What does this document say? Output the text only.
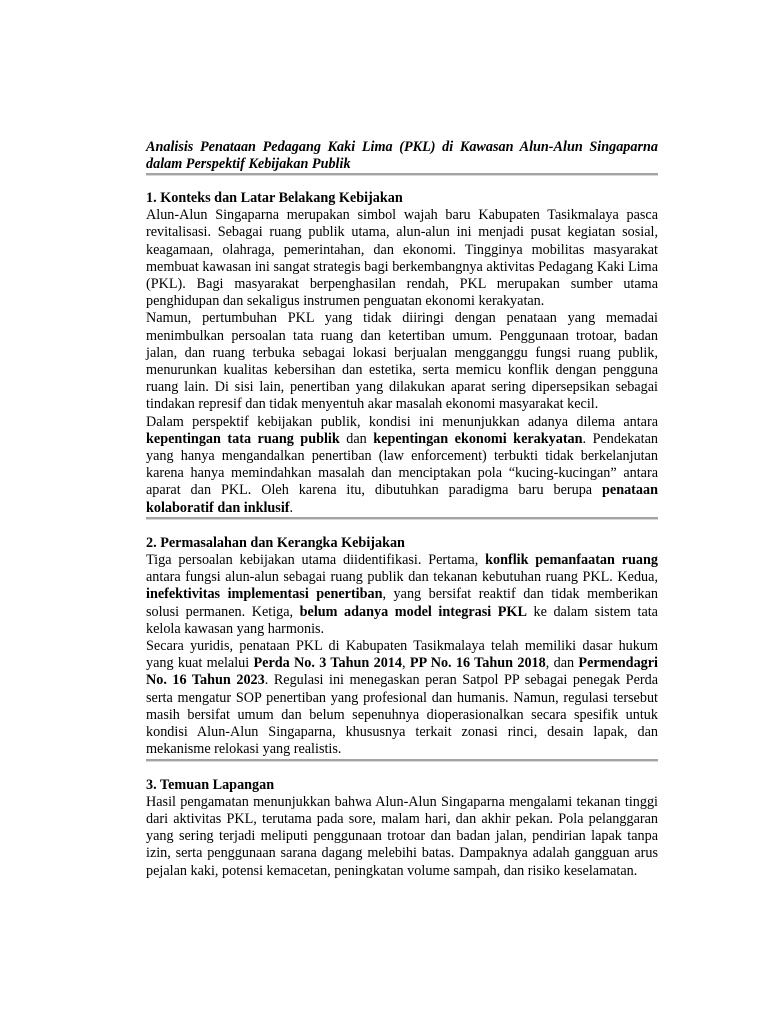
Analisis Penataan Pedagang Kaki Lima (PKL) di Kawasan Alun-Alun Singaparna dalam Perspektif Kebijakan Publik

1. Konteks dan Latar Belakang Kebijakan

Alun-Alun Singaparna merupakan simbol wajah baru Kabupaten Tasikmalaya pasca revitalisasi. Sebagai ruang publik utama, alun-alun ini menjadi pusat kegiatan sosial, keagamaan, olahraga, pemerintahan, dan ekonomi. Tingginya mobilitas masyarakat membuat kawasan ini sangat strategis bagi berkembangnya aktivitas Pedagang Kaki Lima (PKL). Bagi masyarakat berpenghasilan rendah, PKL merupakan sumber utama penghidupan dan sekaligus instrumen penguatan ekonomi kerakyatan.

Namun, pertumbuhan PKL yang tidak diiringi dengan penataan yang memadai menimbulkan persoalan tata ruang dan ketertiban umum. Penggunaan trotoar, badan jalan, dan ruang terbuka sebagai lokasi berjualan mengganggu fungsi ruang publik, menurunkan kualitas kebersihan dan estetika, serta memicu konflik dengan pengguna ruang lain. Di sisi lain, penertiban yang dilakukan aparat sering dipersepsikan sebagai tindakan represif dan tidak menyentuh akar masalah ekonomi masyarakat kecil.

Dalam perspektif kebijakan publik, kondisi ini menunjukkan adanya dilema antara kepentingan tata ruang publik dan kepentingan ekonomi kerakyatan. Pendekatan yang hanya mengandalkan penertiban (law enforcement) terbukti tidak berkelanjutan karena hanya memindahkan masalah dan menciptakan pola “kucing-kucingan” antara aparat dan PKL. Oleh karena itu, dibutuhkan paradigma baru berupa penataan kolaboratif dan inklusif.

2. Permasalahan dan Kerangka Kebijakan

Tiga persoalan kebijakan utama diidentifikasi. Pertama, konflik pemanfaatan ruang antara fungsi alun-alun sebagai ruang publik dan tekanan kebutuhan ruang PKL. Kedua, inefektivitas implementasi penertiban, yang bersifat reaktif dan tidak memberikan solusi permanen. Ketiga, belum adanya model integrasi PKL ke dalam sistem tata kelola kawasan yang harmonis.

Secara yuridis, penataan PKL di Kabupaten Tasikmalaya telah memiliki dasar hukum yang kuat melalui Perda No. 3 Tahun 2014, PP No. 16 Tahun 2018, dan Permendagri No. 16 Tahun 2023. Regulasi ini menegaskan peran Satpol PP sebagai penegak Perda serta mengatur SOP penertiban yang profesional dan humanis. Namun, regulasi tersebut masih bersifat umum dan belum sepenuhnya dioperasionalkan secara spesifik untuk kondisi Alun-Alun Singaparna, khususnya terkait zonasi rinci, desain lapak, dan mekanisme relokasi yang realistis.

3. Temuan Lapangan

Hasil pengamatan menunjukkan bahwa Alun-Alun Singaparna mengalami tekanan tinggi dari aktivitas PKL, terutama pada sore, malam hari, dan akhir pekan. Pola pelanggaran yang sering terjadi meliputi penggunaan trotoar dan badan jalan, pendirian lapak tanpa izin, serta penggunaan sarana dagang melebihi batas. Dampaknya adalah gangguan arus pejalan kaki, potensi kemacetan, peningkatan volume sampah, dan risiko keselamatan.
